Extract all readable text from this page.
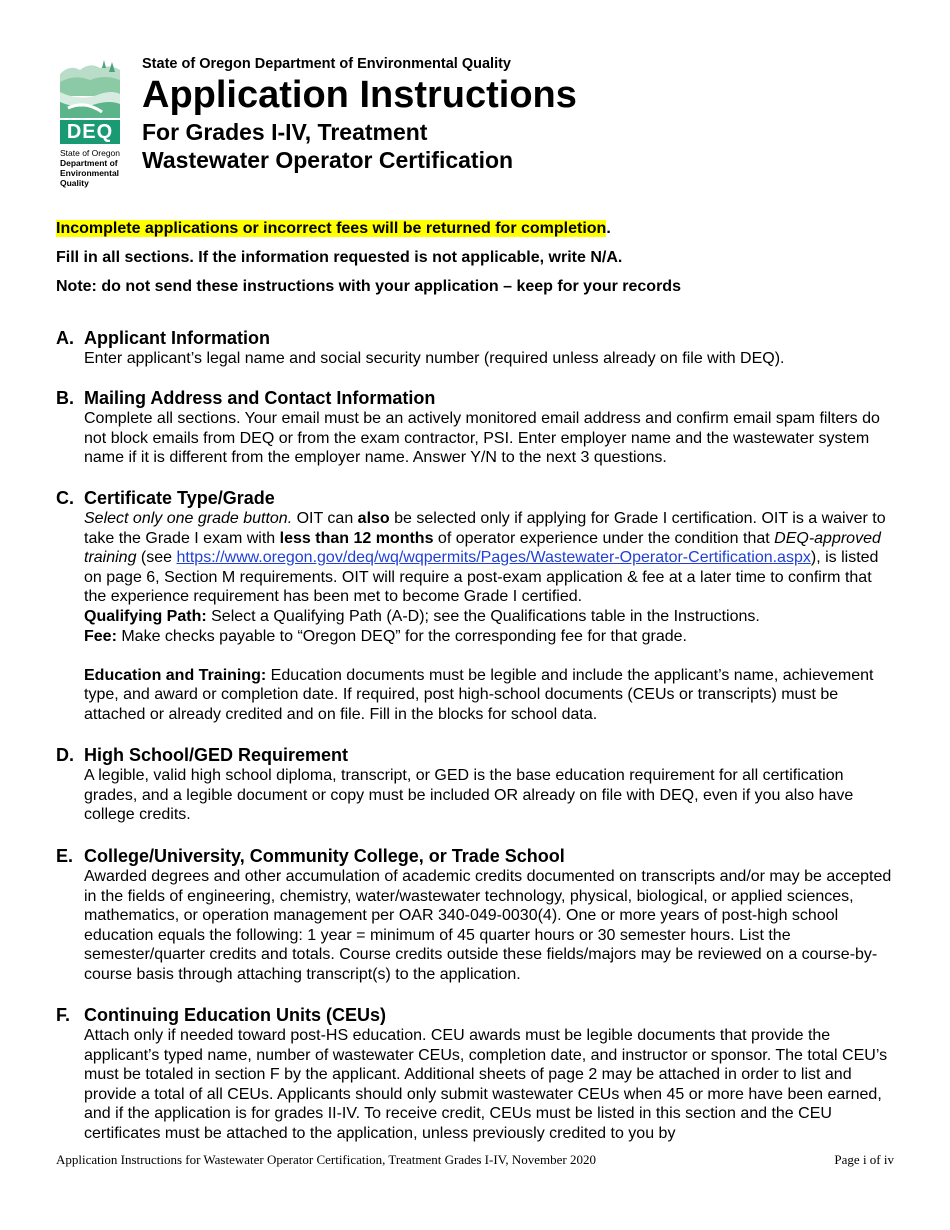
DEQ
State of Oregon
Department of
Environmental
Quality
State of Oregon Department of Environmental Quality
Application Instructions
For Grades I-IV, Treatment
Wastewater Operator Certification
Incomplete applications or incorrect fees will be returned for completion.
Fill in all sections. If the information requested is not applicable, write N/A.
Note: do not send these instructions with your application – keep for your records
A. Applicant Information

Enter applicant’s legal name and social security number (required unless already on file with DEQ).

B. Mailing Address and Contact Information

Complete all sections. Your email must be an actively monitored email address and confirm email spam filters do not block emails from DEQ or from the exam contractor, PSI. Enter employer name and the wastewater system name if it is different from the employer name. Answer Y/N to the next 3 questions.

C. Certificate Type/Grade

Select only one grade button. OIT can also be selected only if applying for Grade I certification. OIT is a waiver to take the Grade I exam with less than 12 months of operator experience under the condition that DEQ-approved training (see https://www.oregon.gov/deq/wq/wqpermits/Pages/Wastewater-Operator-Certification.aspx), is listed on page 6, Section M requirements. OIT will require a post-exam application & fee at a later time to confirm that the experience requirement has been met to become Grade I certified.

Qualifying Path: Select a Qualifying Path (A-D); see the Qualifications table in the Instructions.

Fee: Make checks payable to “Oregon DEQ” for the corresponding fee for that grade.

Education and Training: Education documents must be legible and include the applicant’s name, achievement type, and award or completion date. If required, post high-school documents (CEUs or transcripts) must be attached or already credited and on file. Fill in the blocks for school data.

D. High School/GED Requirement

A legible, valid high school diploma, transcript, or GED is the base education requirement for all certification grades, and a legible document or copy must be included OR already on file with DEQ, even if you also have college credits.

E. College/University, Community College, or Trade School

Awarded degrees and other accumulation of academic credits documented on transcripts and/or may be accepted in the fields of engineering, chemistry, water/wastewater technology, physical, biological, or applied sciences, mathematics, or operation management per OAR 340-049-0030(4). One or more years of post-high school education equals the following: 1 year = minimum of 45 quarter hours or 30 semester hours. List the semester/quarter credits and totals. Course credits outside these fields/majors may be reviewed on a course-by-course basis through attaching transcript(s) to the application.

F. Continuing Education Units (CEUs)

Attach only if needed toward post-HS education. CEU awards must be legible documents that provide the applicant’s typed name, number of wastewater CEUs, completion date, and instructor or sponsor. The total CEU’s must be totaled in section F by the applicant. Additional sheets of page 2 may be attached in order to list and provide a total of all CEUs. Applicants should only submit wastewater CEUs when 45 or more have been earned, and if the application is for grades II-IV. To receive credit, CEUs must be listed in this section and the CEU certificates must be attached to the application, unless previously credited to you by

Application Instructions for Wastewater Operator Certification, Treatment Grades I-IV, November 2020	Page i of iv
